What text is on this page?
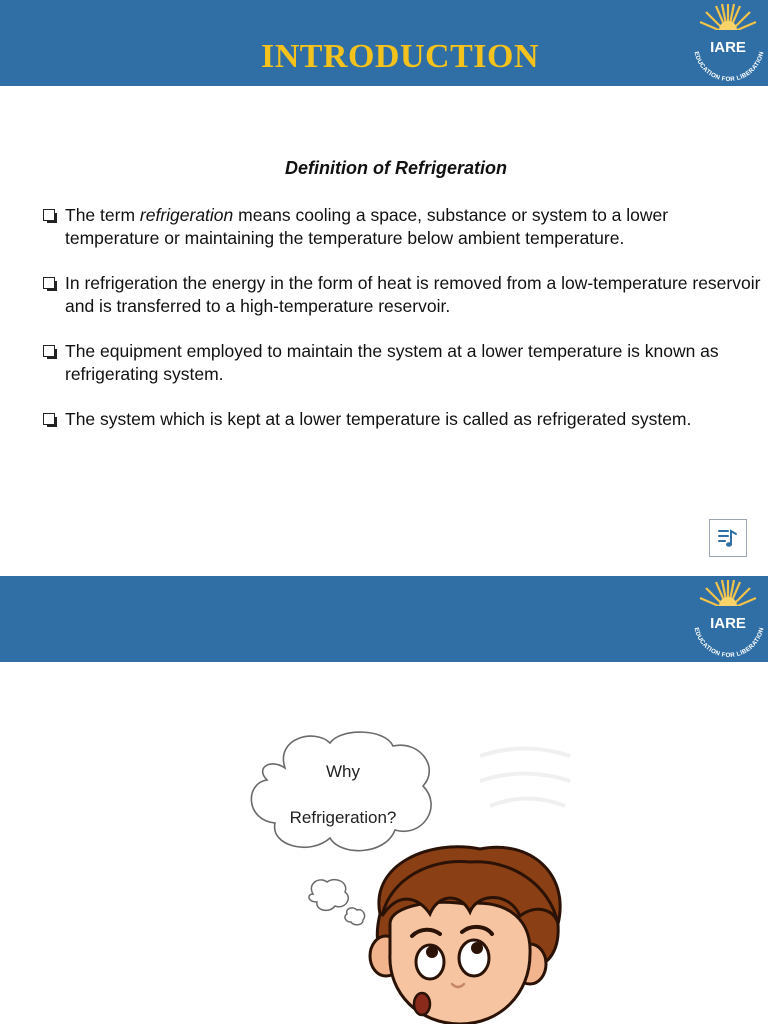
INTRODUCTION	IARE
EDUCATION FOR LIBERATION
Definition of Refrigeration
The term refrigeration means cooling a space, substance or system to a lower temperature or maintaining the temperature below ambient temperature.
In refrigeration the energy in the form of heat is removed from a low-temperature reservoir and is transferred to a high-temperature reservoir.
The equipment employed to maintain the system at a lower temperature is known as refrigerating system.
The system which is kept at a lower temperature is called as refrigerated system.
IARE
EDUCATION FOR LIBERATION

Why

Refrigeration?
